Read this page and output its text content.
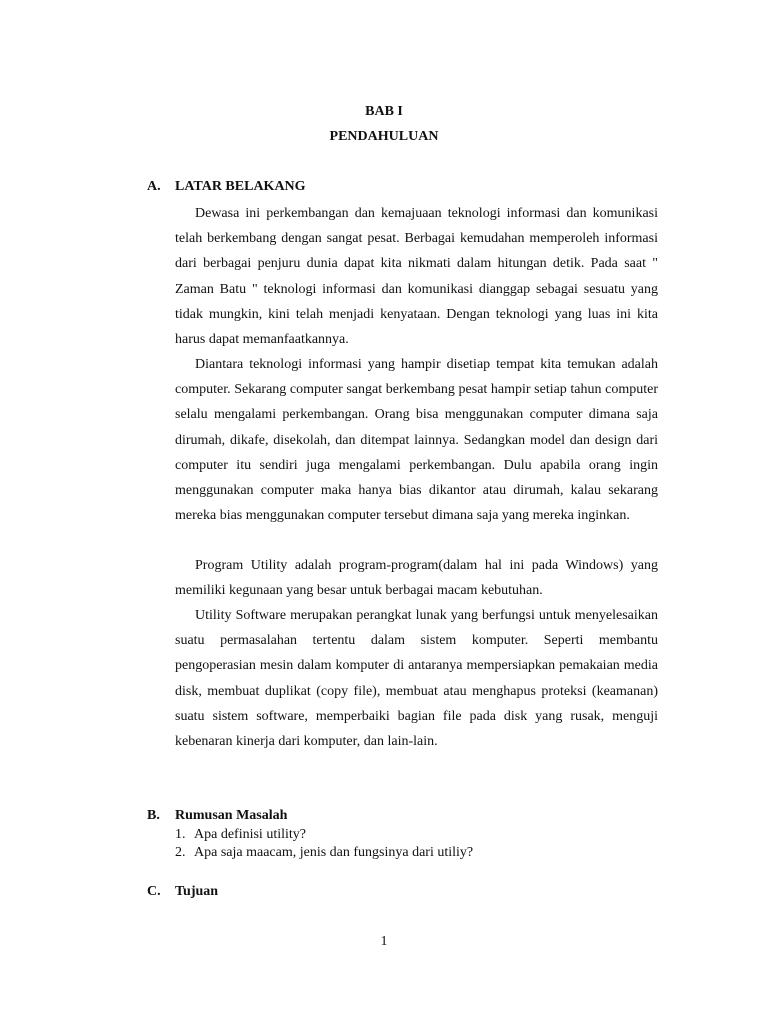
BAB I
PENDAHULUAN
A. LATAR BELAKANG

Dewasa ini perkembangan dan kemajuaan teknologi informasi dan komunikasi telah berkembang dengan sangat pesat. Berbagai kemudahan memperoleh informasi dari berbagai penjuru dunia dapat kita nikmati dalam hitungan detik. Pada saat " Zaman Batu " teknologi informasi dan komunikasi dianggap sebagai sesuatu yang tidak mungkin, kini telah menjadi kenyataan. Dengan teknologi yang luas ini kita harus dapat memanfaatkannya.

Diantara teknologi informasi yang hampir disetiap tempat kita temukan adalah computer. Sekarang computer sangat berkembang pesat hampir setiap tahun computer selalu mengalami perkembangan. Orang bisa menggunakan computer dimana saja dirumah, dikafe, disekolah, dan ditempat lainnya. Sedangkan model dan design dari computer itu sendiri juga mengalami perkembangan. Dulu apabila orang ingin menggunakan computer maka hanya bias dikantor atau dirumah, kalau sekarang mereka bias menggunakan computer tersebut dimana saja yang mereka inginkan.

Program Utility adalah program-program(dalam hal ini pada Windows) yang memiliki kegunaan yang besar untuk berbagai macam kebutuhan.

Utility Software merupakan perangkat lunak yang berfungsi untuk menyelesaikan suatu permasalahan tertentu dalam sistem komputer. Seperti membantu pengoperasian mesin dalam komputer di antaranya mempersiapkan pemakaian media disk, membuat duplikat (copy file), membuat atau menghapus proteksi (keamanan) suatu sistem software, memperbaiki bagian file pada disk yang rusak, menguji kebenaran kinerja dari komputer, dan lain-lain.

B. Rumusan Masalah
1. Apa definisi utility?
2. Apa saja maacam, jenis dan fungsinya dari utiliy?
C. Tujuan
1
